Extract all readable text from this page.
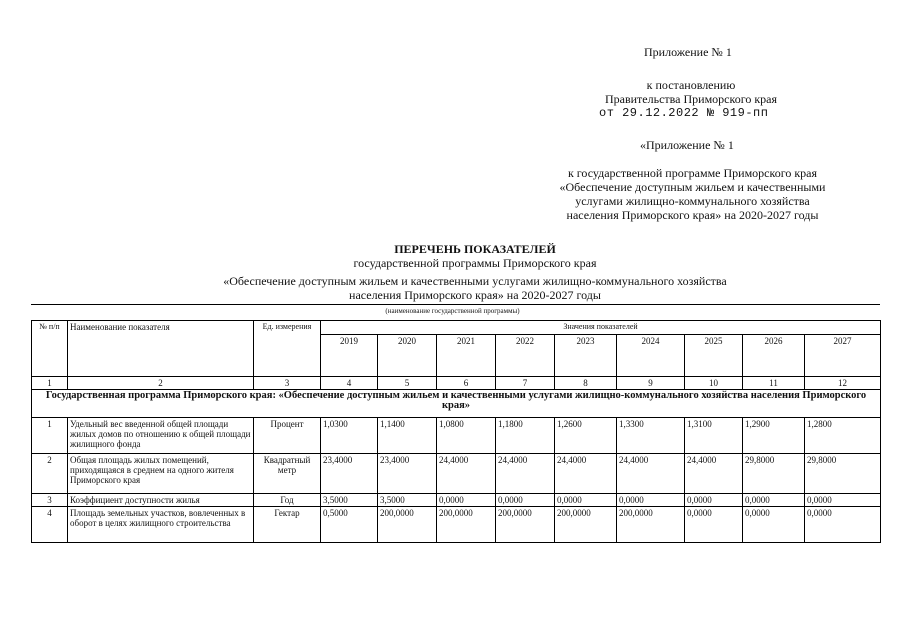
Приложение № 1
к постановлению
Правительства Приморского края
от 29.12.2022 № 919-пп
«Приложение № 1
к государственной программе Приморского края
«Обеспечение доступным жильем и качественными
услугами жилищно-коммунального хозяйства
населения Приморского края» на 2020-2027 годы
ПЕРЕЧЕНЬ ПОКАЗАТЕЛЕЙ
государственной программы Приморского края
«Обеспечение доступным жильем и качественными услугами жилищно-коммунального хозяйства
населения Приморского края» на 2020-2027 годы
(наименование государственной программы)
№ п/п	Наименование показателя	Ед. измерения	Значения показателей								
			2019	2020	2021	2022	2023	2024	2025	2026	2027
1	2	3	4	5	6	7	8	9	10	11	12
Государственная программа Приморского края: «Обеспечение доступным жильем и качественными услугами жилищно-коммунального хозяйства населения Приморского края»											
1	Удельный вес введенной общей площади жилых домов по отношению к общей площади жилищного фонда	Процент	1,0300	1,1400	1,0800	1,1800	1,2600	1,3300	1,3100	1,2900	1,2800
2	Общая площадь жилых помещений, приходящаяся в среднем на одного жителя Приморского края	Квадратный метр	23,4000	23,4000	24,4000	24,4000	24,4000	24,4000	24,4000	29,8000	29,8000
3	Коэффициент доступности жилья	Год	3,5000	3,5000	0,0000	0,0000	0,0000	0,0000	0,0000	0,0000	0,0000
4	Площадь земельных участков, вовлеченных в оборот в целях жилищного строительства	Гектар	0,5000	200,0000	200,0000	200,0000	200,0000	200,0000	0,0000	0,0000	0,0000
